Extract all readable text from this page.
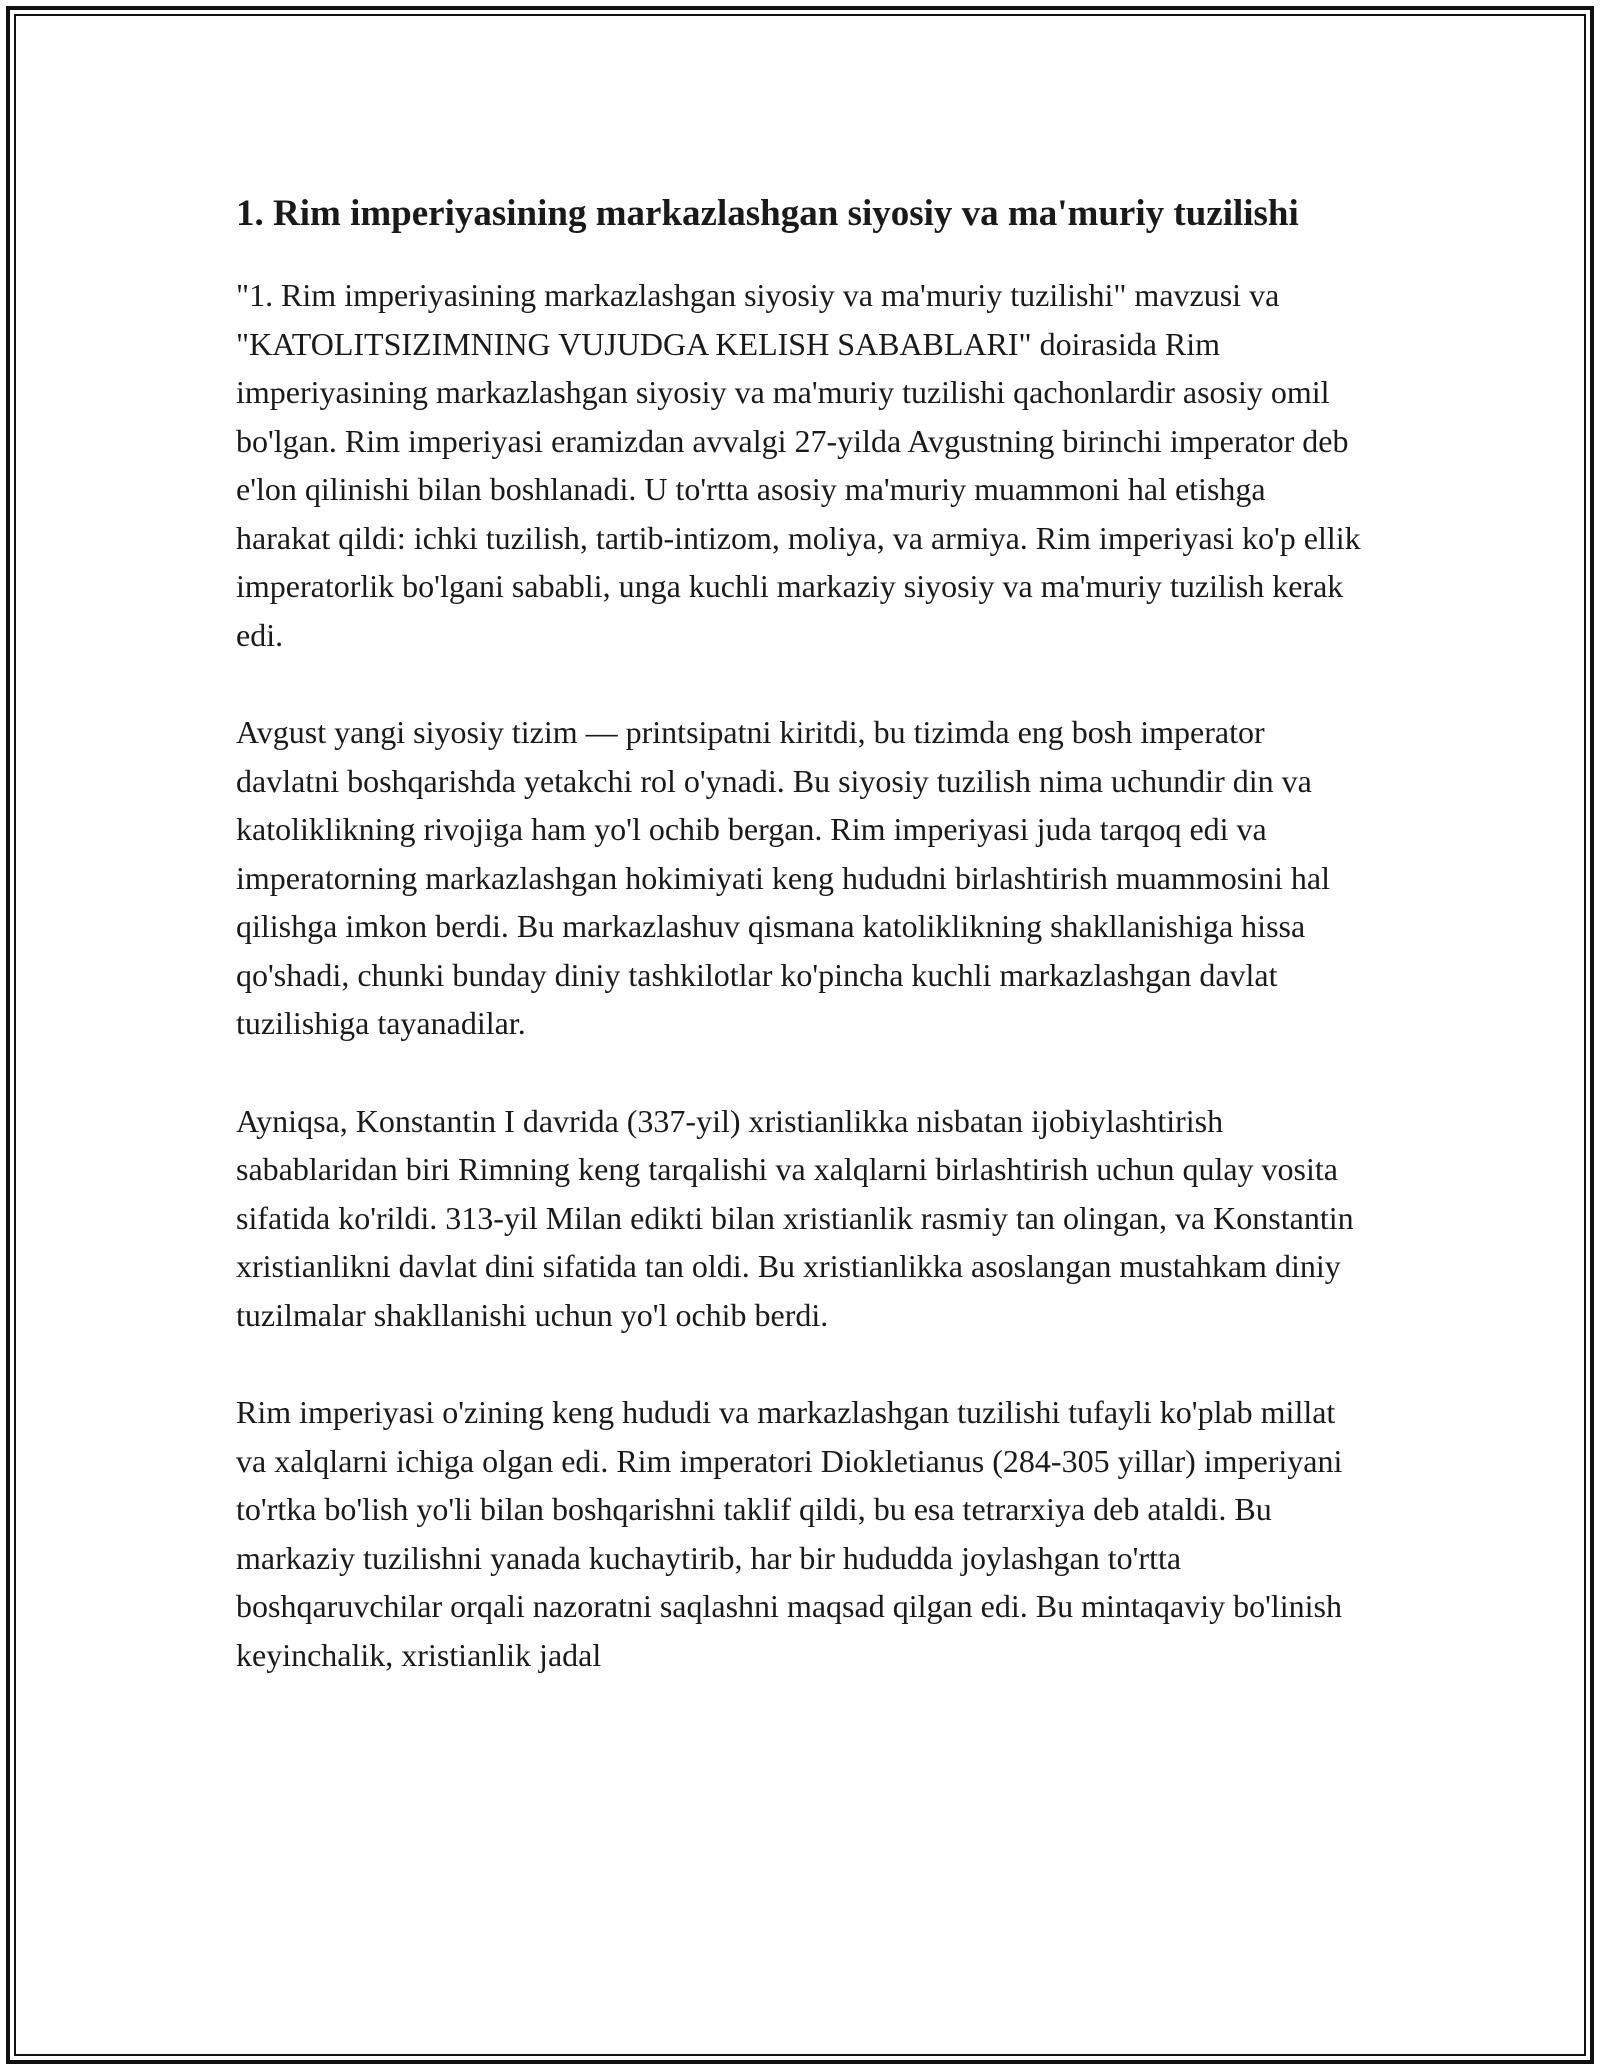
1. Rim imperiyasining markazlashgan siyosiy va ma'muriy tuzilishi

"1. Rim imperiyasining markazlashgan siyosiy va ma'muriy tuzilishi" mavzusi va "KATOLITSIZIMNING VUJUDGA KELISH SABABLARI" doirasida Rim imperiyasining markazlashgan siyosiy va ma'muriy tuzilishi qachonlardir asosiy omil bo'lgan. Rim imperiyasi eramizdan avvalgi 27-yilda Avgustning birinchi imperator deb e'lon qilinishi bilan boshlanadi. U to'rtta asosiy ma'muriy muammoni hal etishga harakat qildi: ichki tuzilish, tartib-intizom, moliya, va armiya. Rim imperiyasi ko'p ellik imperatorlik bo'lgani sababli, unga kuchli markaziy siyosiy va ma'muriy tuzilish kerak edi.

Avgust yangi siyosiy tizim — printsipatni kiritdi, bu tizimda eng bosh imperator davlatni boshqarishda yetakchi rol o'ynadi. Bu siyosiy tuzilish nima uchundir din va katoliklikning rivojiga ham yo'l ochib bergan. Rim imperiyasi juda tarqoq edi va imperatorning markazlashgan hokimiyati keng hududni birlashtirish muammosini hal qilishga imkon berdi. Bu markazlashuv qismana katoliklikning shakllanishiga hissa qo'shadi, chunki bunday diniy tashkilotlar ko'pincha kuchli markazlashgan davlat tuzilishiga tayanadilar.

Ayniqsa, Konstantin I davrida (337-yil) xristianlikka nisbatan ijobiylashtirish sabablaridan biri Rimning keng tarqalishi va xalqlarni birlashtirish uchun qulay vosita sifatida ko'rildi. 313-yil Milan edikti bilan xristianlik rasmiy tan olingan, va Konstantin xristianlikni davlat dini sifatida tan oldi. Bu xristianlikka asoslangan mustahkam diniy tuzilmalar shakllanishi uchun yo'l ochib berdi.

Rim imperiyasi o'zining keng hududi va markazlashgan tuzilishi tufayli ko'plab millat va xalqlarni ichiga olgan edi. Rim imperatori Diokletianus (284-305 yillar) imperiyani to'rtka bo'lish yo'li bilan boshqarishni taklif qildi, bu esa tetrarxiya deb ataldi. Bu markaziy tuzilishni yanada kuchaytirib, har bir hududda joylashgan to'rtta boshqaruvchilar orqali nazoratni saqlashni maqsad qilgan edi. Bu mintaqaviy bo'linish keyinchalik, xristianlik jadal
